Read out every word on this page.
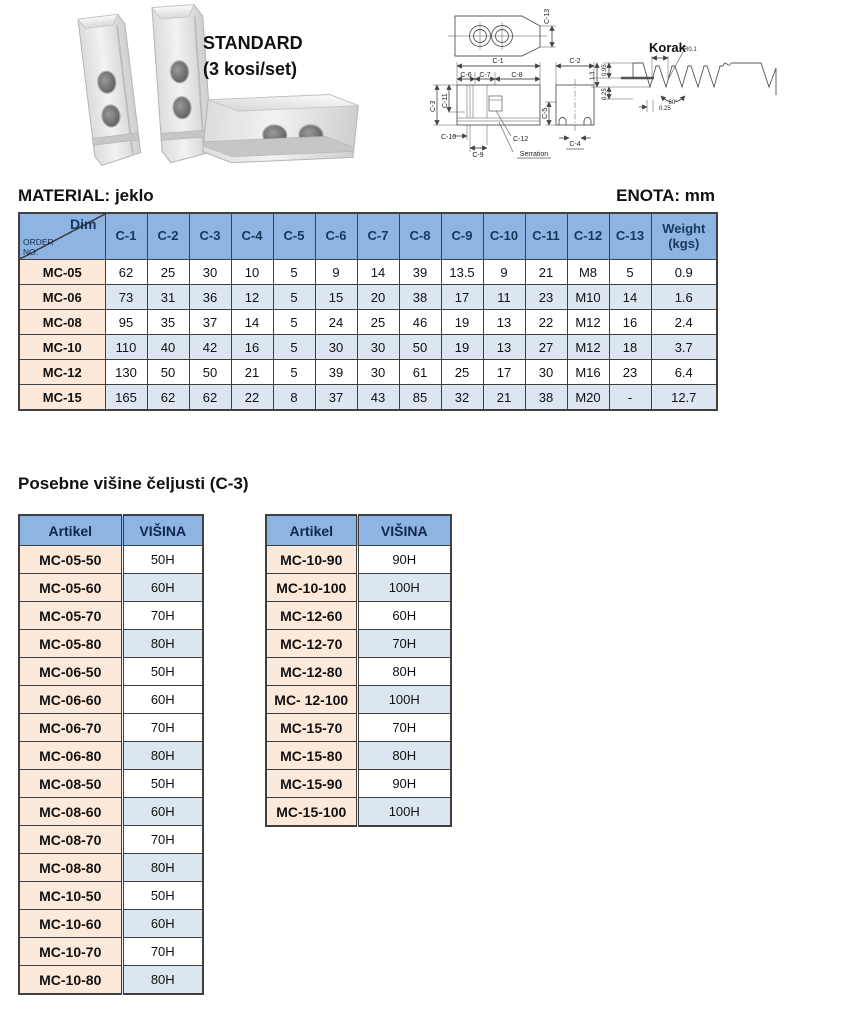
STANDARD
(3 kosi/set)
C-13
C-1
C-6 C-7	C-8
C-3 C-11
C-10
C-9
C-12
Serration
C-2
C-5
C-4
Korak
R0.1
60°
0.95
1.3
0.25
0.25
MATERIAL: jeklo	ENOTA: mm
Dim
ORDER NO.	C-1	C-2	C-3	C-4	C-5	C-6	C-7	C-8	C-9	C-10	C-11	C-12	C-13	Weight (kgs)
MC-05	62	25	30	10	5	9	14	39	13.5	9	21	M8	5	0.9
MC-06	73	31	36	12	5	15	20	38	17	11	23	M10	14	1.6
MC-08	95	35	37	14	5	24	25	46	19	13	22	M12	16	2.4
MC-10	110	40	42	16	5	30	30	50	19	13	27	M12	18	3.7
MC-12	130	50	50	21	5	39	30	61	25	17	30	M16	23	6.4
MC-15	165	62	62	22	8	37	43	85	32	21	38	M20	-	12.7
Posebne višine čeljusti (C-3)
Artikel	VIŠINA
MC-05-50	50H
MC-05-60	60H
MC-05-70	70H
MC-05-80	80H
MC-06-50	50H
MC-06-60	60H
MC-06-70	70H
MC-06-80	80H
MC-08-50	50H
MC-08-60	60H
MC-08-70	70H
MC-08-80	80H
MC-10-50	50H
MC-10-60	60H
MC-10-70	70H
MC-10-80	80H
Artikel	VIŠINA
MC-10-90	90H
MC-10-100	100H
MC-12-60	60H
MC-12-70	70H
MC-12-80	80H
MC- 12-100	100H
MC-15-70	70H
MC-15-80	80H
MC-15-90	90H
MC-15-100	100H
